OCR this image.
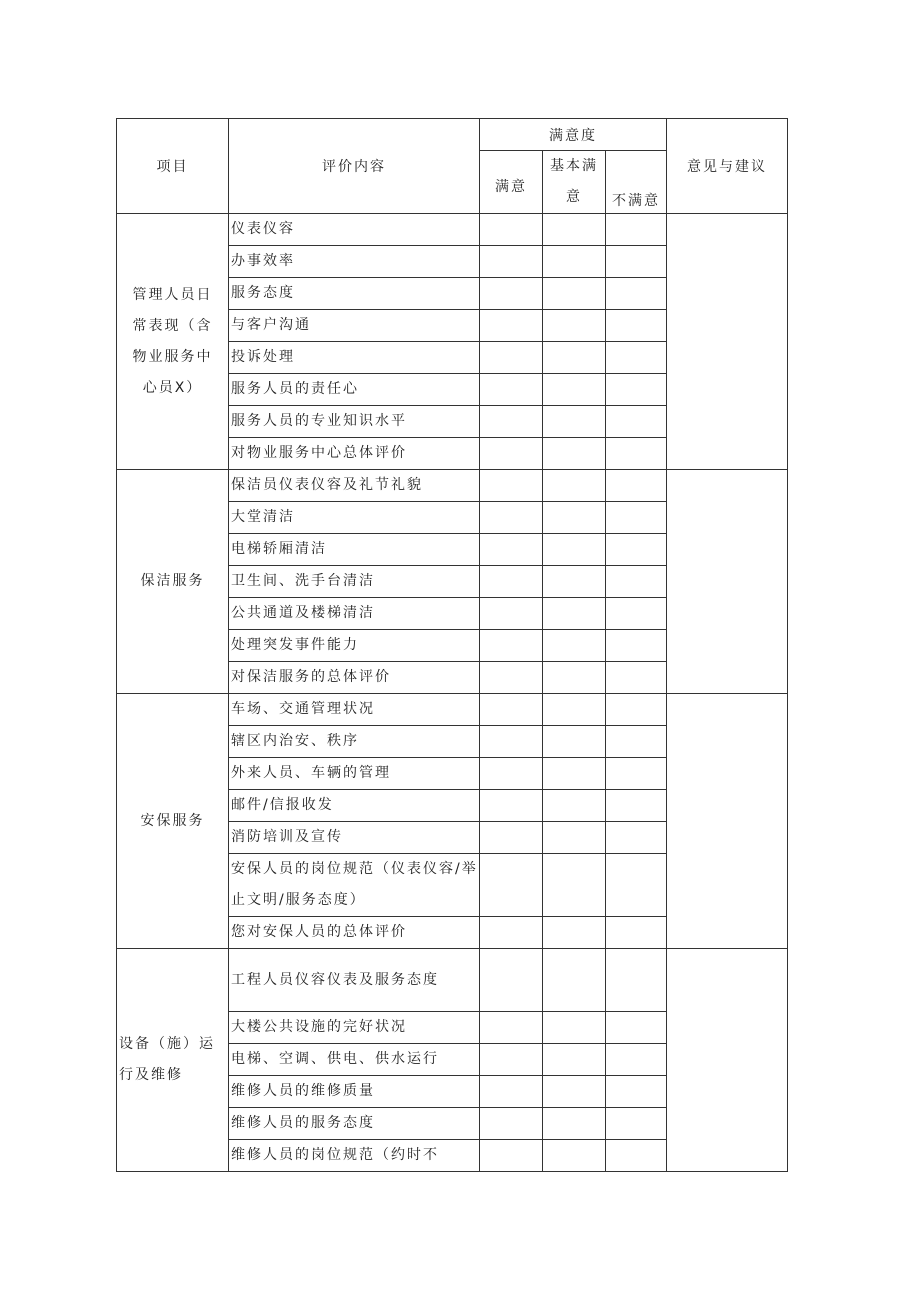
项目	评价内容	满意度			意见与建议
		满意	基本满意	不满意	
管理人员日常表现（含物业服务中心员X）	仪表仪容				
	办事效率				
	服务态度				
	与客户沟通				
	投诉处理				
	服务人员的责任心				
	服务人员的专业知识水平				
	对物业服务中心总体评价				
保洁服务	保洁员仪表仪容及礼节礼貌				
	大堂清洁				
	电梯轿厢清洁				
	卫生间、洗手台清洁				
	公共通道及楼梯清洁				
	处理突发事件能力				
	对保洁服务的总体评价				
安保服务	车场、交通管理状况				
	辖区内治安、秩序				
	外来人员、车辆的管理				
	邮件/信报收发				
	消防培训及宣传				
	安保人员的岗位规范（仪表仪容/举止文明/服务态度）				
	您对安保人员的总体评价				
设备（施）运行及维修	工程人员仪容仪表及服务态度				
	大楼公共设施的完好状况				
	电梯、空调、供电、供水运行				
	维修人员的维修质量				
	维修人员的服务态度				
	维修人员的岗位规范（约时不				
